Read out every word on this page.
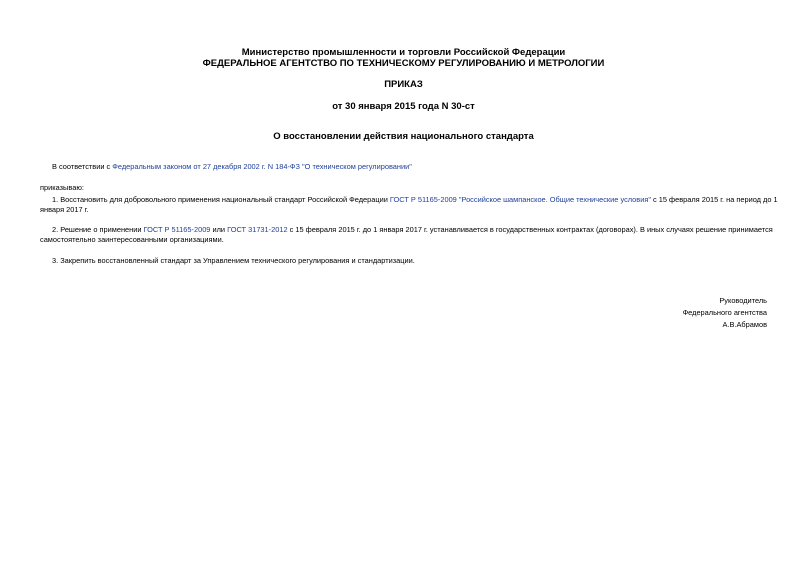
Министерство промышленности и торговли Российской Федерации
ФЕДЕРАЛЬНОЕ АГЕНТСТВО ПО ТЕХНИЧЕСКОМУ РЕГУЛИРОВАНИЮ И МЕТРОЛОГИИ
ПРИКАЗ
от 30 января 2015 года N 30-ст
О восстановлении действия национального стандарта
В соответствии с Федеральным законом от 27 декабря 2002 г. N 184-ФЗ "О техническом регулировании"
приказываю:
1. Восстановить для добровольного применения национальный стандарт Российской Федерации ГОСТ Р 51165-2009 "Российское шампанское. Общие технические условия" с 15 февраля 2015 г. на период до 1
января 2017 г.
2. Решение о применении ГОСТ Р 51165-2009 или ГОСТ 31731-2012 с 15 февраля 2015 г. до 1 января 2017 г. устанавливается в государственных контрактах (договорах). В иных случаях решение принимается
самостоятельно заинтересованными организациями.
3. Закрепить восстановленный стандарт за Управлением технического регулирования и стандартизации.
Руководитель
Федерального агентства
А.В.Абрамов
